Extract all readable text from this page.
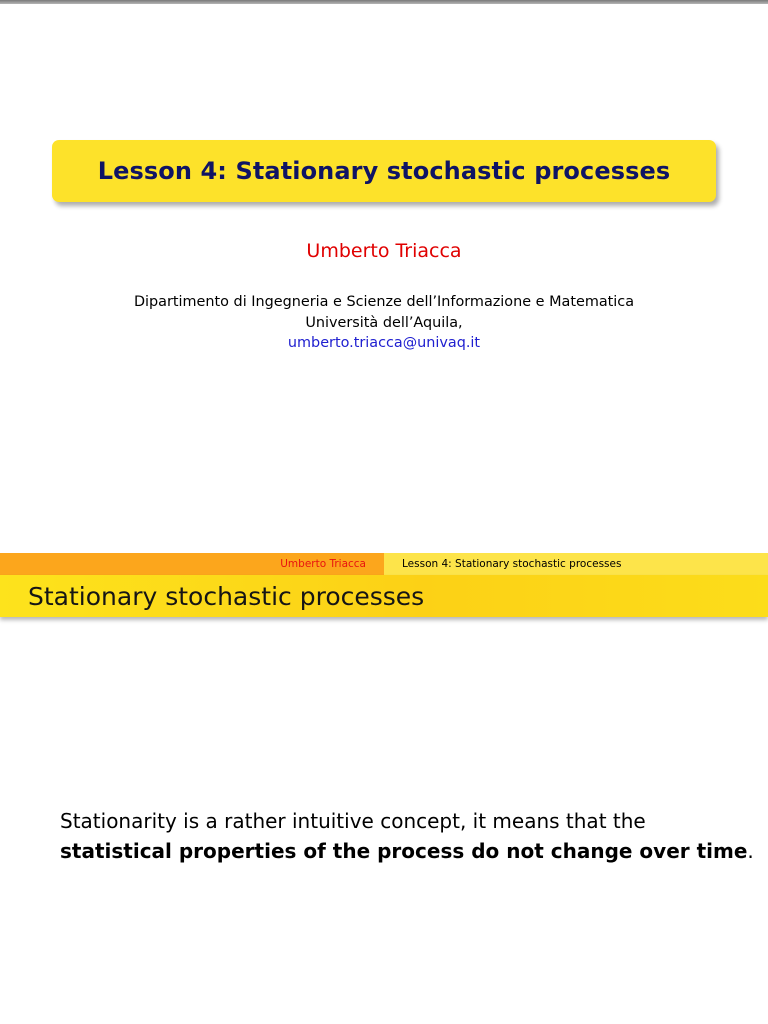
Lesson 4: Stationary stochastic processes
Umberto Triacca
Dipartimento di Ingegneria e Scienze dell’Informazione e Matematica
Università dell’Aquila,
umberto.triacca@univaq.it
Umberto Triacca	Lesson 4: Stationary stochastic processes
Stationary stochastic processes
Stationarity is a rather intuitive concept, it means that the
statistical properties of the process do not change over time.
